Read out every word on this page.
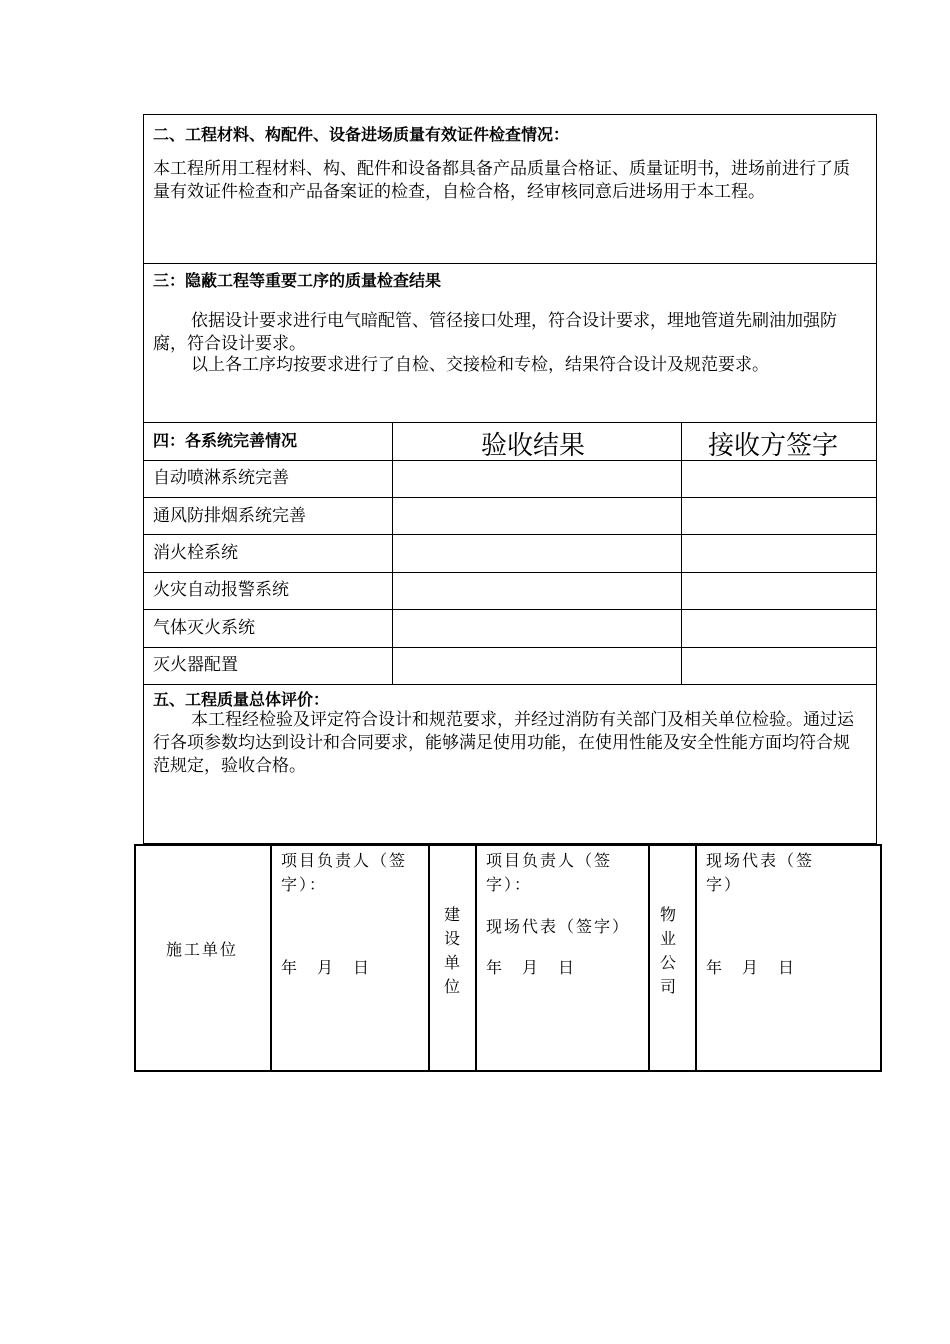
二、工程材料、构配件、设备进场质量有效证件检查情况：
本工程所用工程材料、构、配件和设备都具备产品质量合格证、质量证明书，进场前进行了质量有效证件检查和产品备案证的检查，自检合格，经审核同意后进场用于本工程。
三：隐蔽工程等重要工序的质量检查结果
依据设计要求进行电气暗配管、管径接口处理，符合设计要求，埋地管道先刷油加强防腐，符合设计要求。
以上各工序均按要求进行了自检、交接检和专检，结果符合设计及规范要求。
四：各系统完善情况	验收结果	接收方签字
自动喷淋系统完善
通风防排烟系统完善
消火栓系统
火灾自动报警系统
气体灭火系统
灭火器配置
五、工程质量总体评价：
本工程经检验及评定符合设计和规范要求，并经过消防有关部门及相关单位检验。通过运行各项参数均达到设计和合同要求，能够满足使用功能，在使用性能及安全性能方面均符合规范规定，验收合格。
施工单位
项目负责人（签字）：
年　月　日
建
设
单
位
项目负责人（签字）：
现场代表（签字）
年　月　日
物
业
公
司
现场代表（签字）
年　月　日
